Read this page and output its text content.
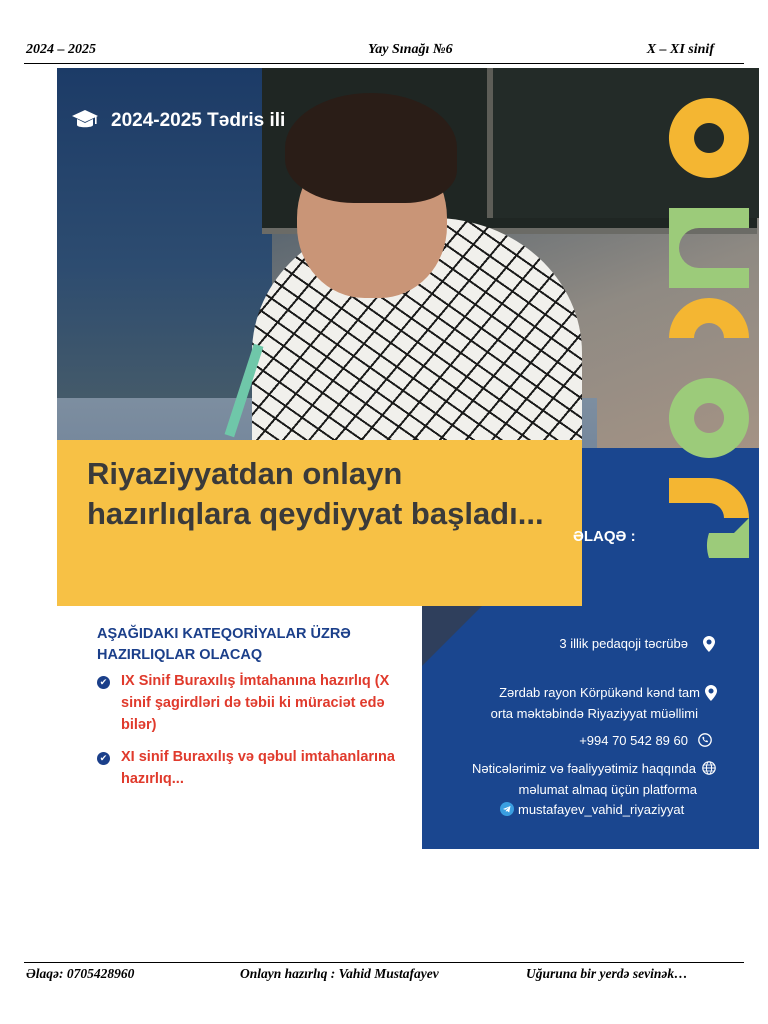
2024 – 2025	Yay Sınağı №6	X – XI sinif
2024-2025 Tədris ili
Riyaziyyatdan onlayn hazırlıqlara qeydiyyat başladı...
AŞAĞIDAKI KATEQORİYALAR ÜZRƏ HAZIRLIQLAR OLACAQ
✔ IX Sinif Buraxılış İmtahanına hazırlıq (X sinif şagirdləri də təbii ki müraciət edə bilər)
✔ XI sinif Buraxılış və qəbul imtahanlarına hazırlıq...
ƏLAQƏ :
3 illik pedaqoji təcrübə
Zərdab rayon Körpükənd kənd tam
orta məktəbində Riyaziyyat müəllimi
+994 70 542 89 60
Nəticələrimiz və fəaliyyətimiz haqqında
məlumat almaq üçün platforma
mustafayev_vahid_riyaziyyat
Əlaqə: 0705428960	Onlayn hazırlıq : Vahid Mustafayev	Uğuruna bir yerdə sevinək…
